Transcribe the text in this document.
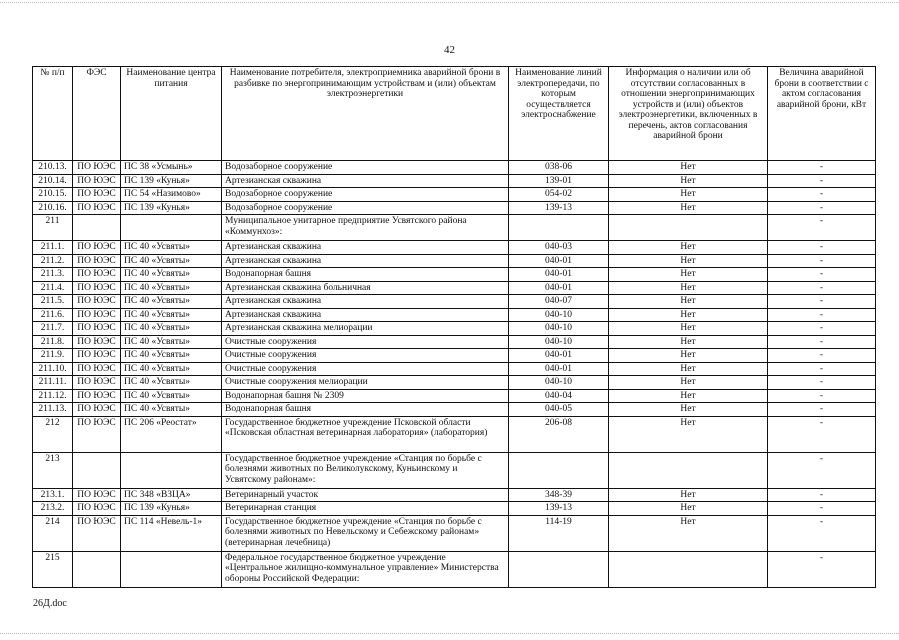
42
№ п/п	ФЭС	Наименование центра питания	Наименование потребителя, электроприемника аварийной брони в разбивке по энергопринимающим устройствам и (или) объектам электроэнергетики	Наименование линий электропередачи, по которым осуществляется электроснабжение	Информация о наличии или об отсутствии согласованных в отношении энергопринимающих устройств и (или) объектов электроэнергетики, включенных в перечень, актов согласования аварийной брони	Величина аварийной брони в соответствии с актом согласования аварийной брони, кВт
210.13.	ПО ЮЭС	ПС 38 «Усмынь»	Водозаборное сооружение	038-06	Нет	-
210.14.	ПО ЮЭС	ПС 139 «Кунья»	Артезианская скважина	139-01	Нет	-
210.15.	ПО ЮЭС	ПС 54 «Назимово»	Водозаборное сооружение	054-02	Нет	-
210.16.	ПО ЮЭС	ПС 139 «Кунья»	Водозаборное сооружение	139-13	Нет	-
211			Муниципальное унитарное предприятие Усвятского района «Коммунхоз»:			-
211.1.	ПО ЮЭС	ПС 40 «Усвяты»	Артезианская скважина	040-03	Нет	-
211.2.	ПО ЮЭС	ПС 40 «Усвяты»	Артезианская скважина	040-01	Нет	-
211.3.	ПО ЮЭС	ПС 40 «Усвяты»	Водонапорная башня	040-01	Нет	-
211.4.	ПО ЮЭС	ПС 40 «Усвяты»	Артезианская скважина больничная	040-01	Нет	-
211.5.	ПО ЮЭС	ПС 40 «Усвяты»	Артезианская скважина	040-07	Нет	-
211.6.	ПО ЮЭС	ПС 40 «Усвяты»	Артезианская скважина	040-10	Нет	-
211.7.	ПО ЮЭС	ПС 40 «Усвяты»	Артезианская скважина мелиорации	040-10	Нет	-
211.8.	ПО ЮЭС	ПС 40 «Усвяты»	Очистные сооружения	040-10	Нет	-
211.9.	ПО ЮЭС	ПС 40 «Усвяты»	Очистные сооружения	040-01	Нет	-
211.10.	ПО ЮЭС	ПС 40 «Усвяты»	Очистные сооружения	040-01	Нет	-
211.11.	ПО ЮЭС	ПС 40 «Усвяты»	Очистные сооружения мелиорации	040-10	Нет	-
211.12.	ПО ЮЭС	ПС 40 «Усвяты»	Водонапорная башня № 2309	040-04	Нет	-
211.13.	ПО ЮЭС	ПС 40 «Усвяты»	Водонапорная башня	040-05	Нет	-
212	ПО ЮЭС	ПС 206 «Реостат»	Государственное бюджетное учреждение Псковской области «Псковская областная ветеринарная лаборатория» (лаборатория)	206-08	Нет	-
213			Государственное бюджетное учреждение «Станция по борьбе с болезнями животных по Великолукскому, Куньинскому и Усвятскому районам»:			-
213.1.	ПО ЮЭС	ПС 348 «ВЗЦА»	Ветеринарный участок	348-39	Нет	-
213.2.	ПО ЮЭС	ПС 139 «Кунья»	Ветеринарная станция	139-13	Нет	-
214	ПО ЮЭС	ПС 114 «Невель-1»	Государственное бюджетное учреждение «Станция по борьбе с болезнями животных по Невельскому и Себежскому районам» (ветеринарная лечебница)	114-19	Нет	-
215			Федеральное государственное бюджетное учреждение «Центральное жилищно-коммунальное управление» Министерства обороны Российской Федерации:			-
26Д.doc
